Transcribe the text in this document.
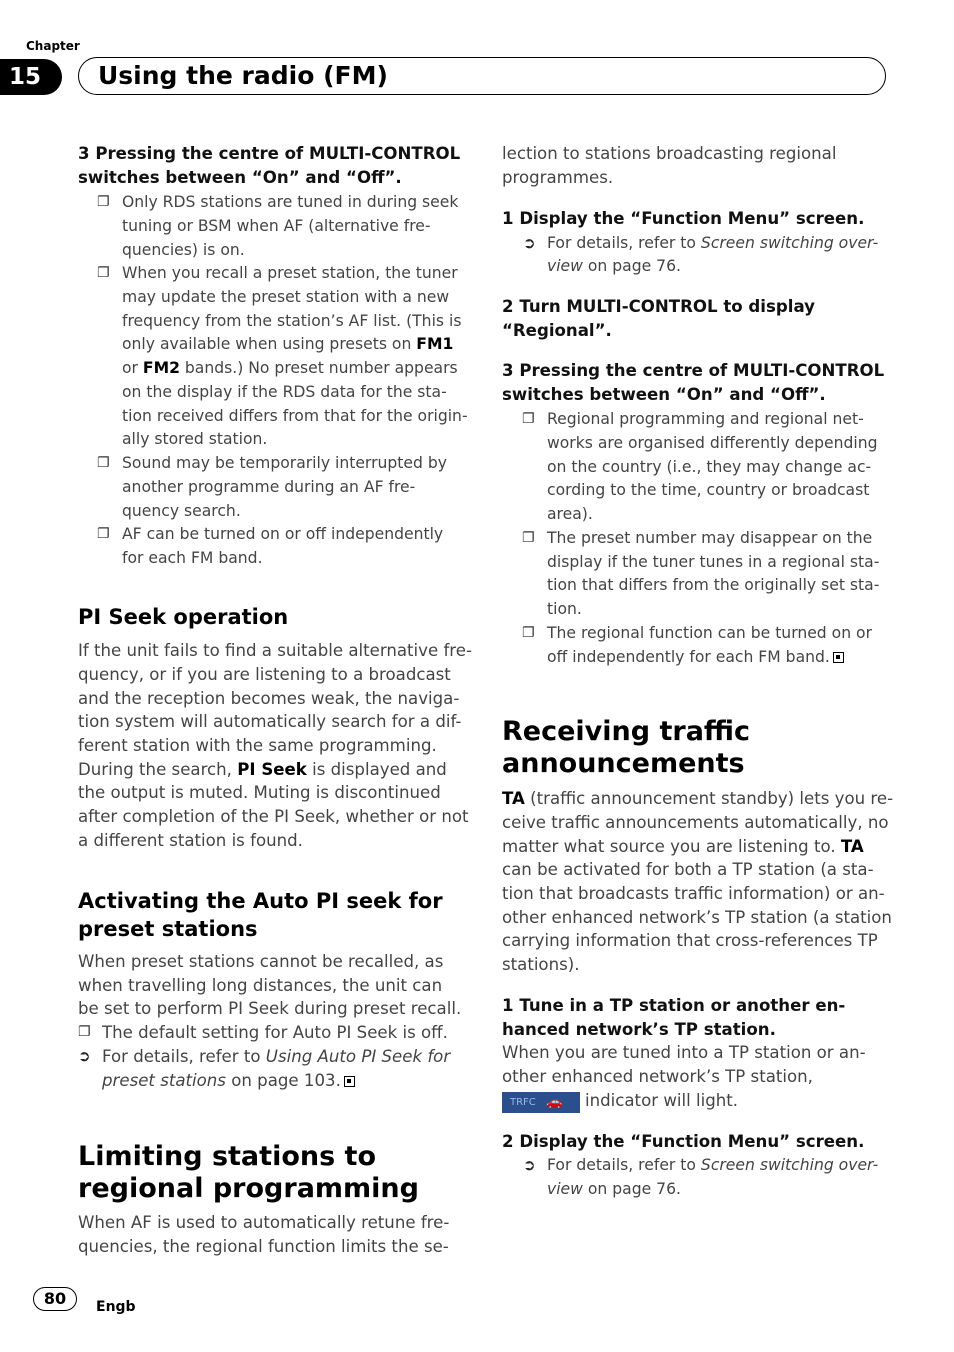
Chapter
15	Using the radio (FM)
3 Pressing the centre of MULTI-CONTROL
switches between “On” and “Off”.
❐ Only RDS stations are tuned in during seek
tuning or BSM when AF (alternative fre-
quencies) is on.
❐ When you recall a preset station, the tuner
may update the preset station with a new
frequency from the station’s AF list. (This is
only available when using presets on FM1
or FM2 bands.) No preset number appears
on the display if the RDS data for the sta-
tion received differs from that for the origin-
ally stored station.
❐ Sound may be temporarily interrupted by
another programme during an AF fre-
quency search.
❐ AF can be turned on or off independently
for each FM band.
PI Seek operation
If the unit fails to find a suitable alternative fre-
quency, or if you are listening to a broadcast
and the reception becomes weak, the naviga-
tion system will automatically search for a dif-
ferent station with the same programming.
During the search, PI Seek is displayed and
the output is muted. Muting is discontinued
after completion of the PI Seek, whether or not
a different station is found.
Activating the Auto PI seek for
preset stations
When preset stations cannot be recalled, as
when travelling long distances, the unit can
be set to perform PI Seek during preset recall.
❐ The default setting for Auto PI Seek is off.
➲ For details, refer to Using Auto PI Seek for
preset stations on page 103.
Limiting stations to
regional programming
When AF is used to automatically retune fre-
quencies, the regional function limits the se-
lection to stations broadcasting regional
programmes.
1 Display the “Function Menu” screen.
➲ For details, refer to Screen switching over-
view on page 76.
2 Turn MULTI-CONTROL to display
“Regional”.
3 Pressing the centre of MULTI-CONTROL
switches between “On” and “Off”.
❐ Regional programming and regional net-
works are organised differently depending
on the country (i.e., they may change ac-
cording to the time, country or broadcast
area).
❐ The preset number may disappear on the
display if the tuner tunes in a regional sta-
tion that differs from the originally set sta-
tion.
❐ The regional function can be turned on or
off independently for each FM band.
Receiving traffic
announcements
TA (traffic announcement standby) lets you re-
ceive traffic announcements automatically, no
matter what source you are listening to. TA
can be activated for both a TP station (a sta-
tion that broadcasts traffic information) or an-
other enhanced network’s TP station (a station
carrying information that cross-references TP
stations).
1 Tune in a TP station or another en-
hanced network’s TP station.
When you are tuned into a TP station or an-
other enhanced network’s TP station,
TRFC 🚗 indicator will light.
2 Display the “Function Menu” screen.
➲ For details, refer to Screen switching over-
view on page 76.
80	Engb
